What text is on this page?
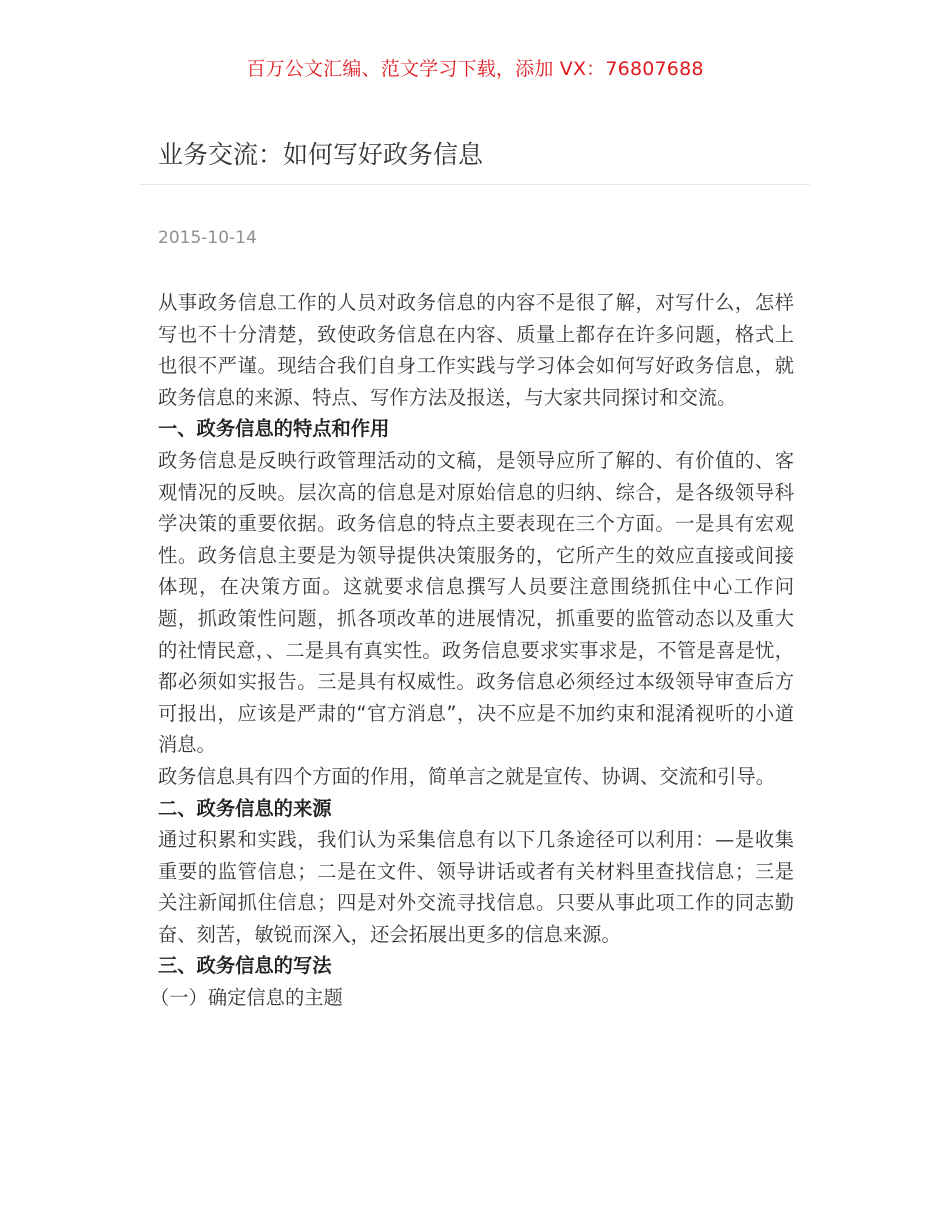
百万公文汇编、范文学习下载，添加 VX：76807688
业务交流：如何写好政务信息
2015-10-14

从事政务信息工作的人员对政务信息的内容不是很了解，对写什么，怎样写也不十分清楚，致使政务信息在内容、质量上都存在许多问题，格式上也很不严谨。现结合我们自身工作实践与学习体会如何写好政务信息，就政务信息的来源、特点、写作方法及报送，与大家共同探讨和交流。

一、政务信息的特点和作用

政务信息是反映行政管理活动的文稿，是领导应所了解的、有价值的、客观情况的反映。层次高的信息是对原始信息的归纳、综合，是各级领导科学决策的重要依据。政务信息的特点主要表现在三个方面。一是具有宏观性。政务信息主要是为领导提供决策服务的，它所产生的效应直接或间接体现，在决策方面。这就要求信息撰写人员要注意围绕抓住中心工作问题，抓政策性问题，抓各项改革的进展情况，抓重要的监管动态以及重大的社情民意，、二是具有真实性。政务信息要求实事求是，不管是喜是忧，都必须如实报告。三是具有权威性。政务信息必须经过本级领导审查后方可报出，应该是严肃的“官方消息”，决不应是不加约束和混淆视听的小道消息。

政务信息具有四个方面的作用，简单言之就是宣传、协调、交流和引导。

二、政务信息的来源

通过积累和实践，我们认为采集信息有以下几条途径可以利用：—是收集重要的监管信息；二是在文件、领导讲话或者有关材料里查找信息；三是关注新闻抓住信息；四是对外交流寻找信息。只要从事此项工作的同志勤奋、刻苦，敏锐而深入，还会拓展出更多的信息来源。

三、政务信息的写法

（一）确定信息的主题
